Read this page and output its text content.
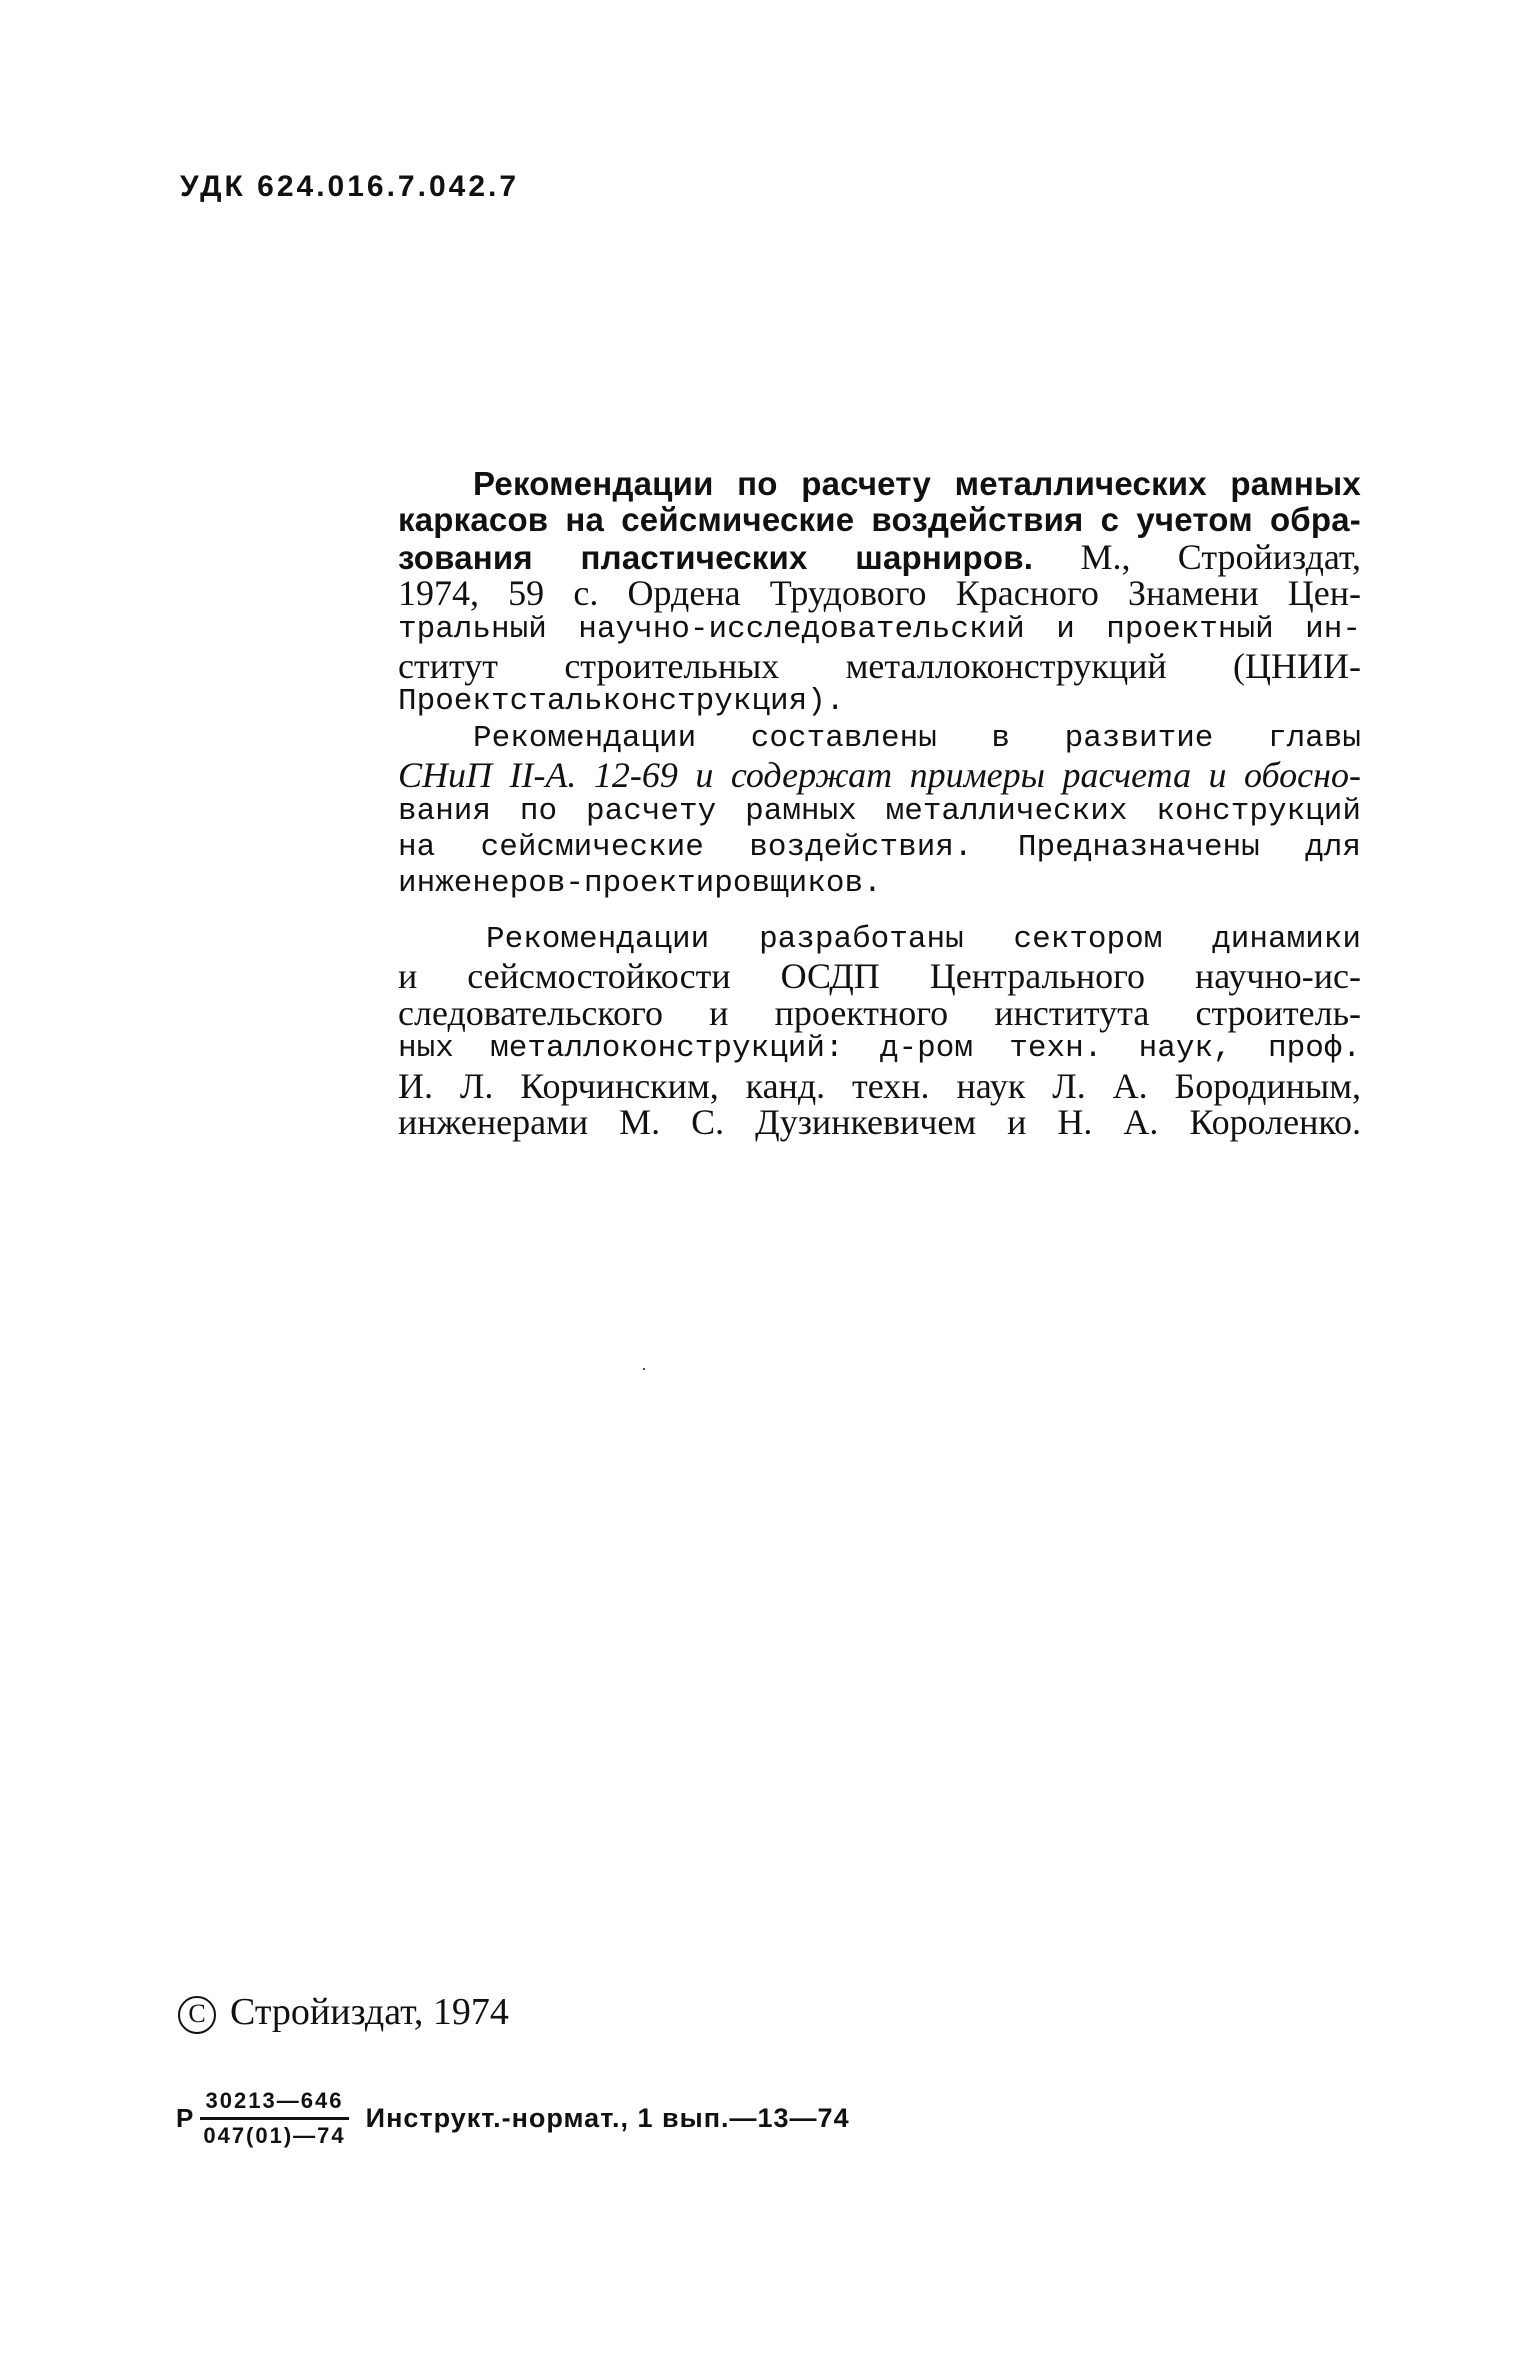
УДК 624.016.7.042.7
Рекомендации по расчету металлических рамных
каркасов на сейсмические воздействия с учетом обра-
зования пластических шарниров. М., Стройиздат,
1974, 59 с. Ордена Трудового Красного Знамени Цен-
тральный научно-исследовательский и проектный ин-
ститут строительных металлоконструкций (ЦНИИ-
Проектстальконструкция).
Рекомендации составлены в развитие главы
СНиП II-А. 12-69 и содержат примеры расчета и обосно-
вания по расчету рамных металлических конструкций
на сейсмические воздействия. Предназначены для
инженеров-проектировщиков.
Рекомендации разработаны сектором динамики
и сейсмостойкости ОСДП Центрального научно-ис-
следовательского и проектного института строитель-
ных металлоконструкций: д-ром техн. наук, проф.
И. Л. Корчинским, канд. техн. наук Л. А. Бородиным,
инженерами М. С. Дузинкевичем и Н. А. Короленко.
C Стройиздат, 1974
Р $\frac{30213—646}{047(01)—74}$ Инструкт.-нормат., 1 вып.—13—74
